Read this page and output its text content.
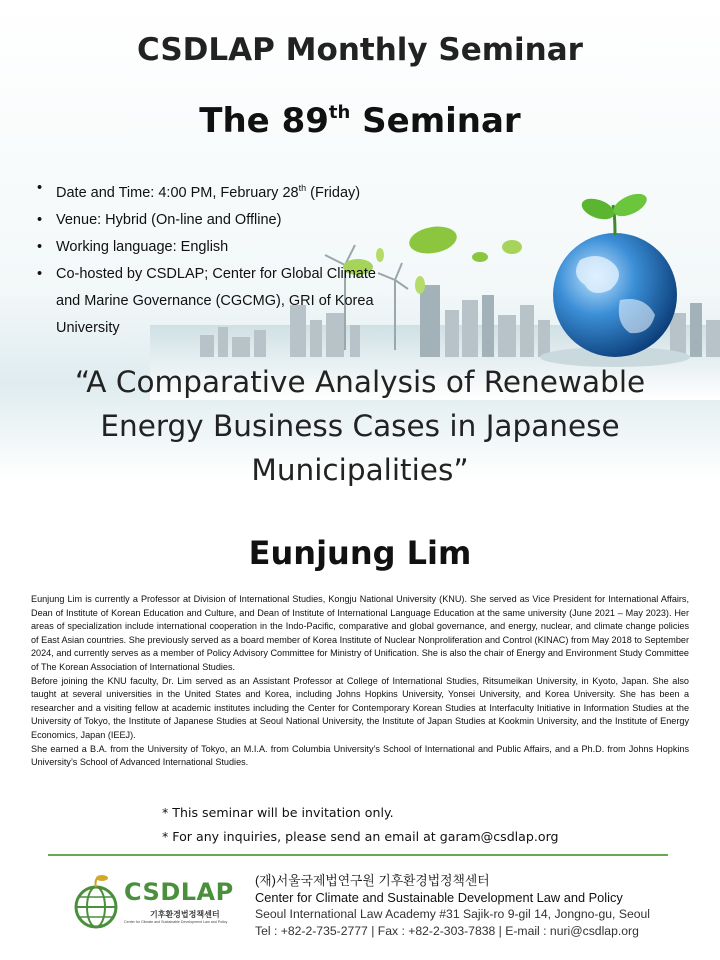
CSDLAP Monthly Seminar
The 89th Seminar
• Date and Time: 4:00 PM, February 28th (Friday)
• Venue: Hybrid (On-line and Offline)
• Working language: English
• Co-hosted by CSDLAP; Center for Global Climate and Marine Governance (CGCMG), GRI of Korea University
“A Comparative Analysis of Renewable
Energy Business Cases in Japanese
Municipalities”
Eunjung Lim

Eunjung Lim is currently a Professor at Division of International Studies, Kongju National University (KNU). She served as Vice President for International Affairs, Dean of Institute of Korean Education and Culture, and Dean of Institute of International Language Education at the same university (June 2021 – May 2023). Her areas of specialization include international cooperation in the Indo-Pacific, comparative and global governance, and energy, nuclear, and climate change policies of East Asian countries. She previously served as a board member of Korea Institute of Nuclear Nonproliferation and Control (KINAC) from May 2018 to September 2024, and currently serves as a member of Policy Advisory Committee for Ministry of Unification. She is also the chair of Energy and Environment Study Committee of The Korean Association of International Studies.

Before joining the KNU faculty, Dr. Lim served as an Assistant Professor at College of International Studies, Ritsumeikan University, in Kyoto, Japan. She also taught at several universities in the United States and Korea, including Johns Hopkins University, Yonsei University, and Korea University. She has been a researcher and a visiting fellow at academic institutes including the Center for Contemporary Korean Studies at Interfaculty Initiative in Information Studies at the University of Tokyo, the Institute of Japanese Studies at Seoul National University, the Institute of Japan Studies at Kookmin University, and the Institute of Energy Economics, Japan (IEEJ).

She earned a B.A. from the University of Tokyo, an M.I.A. from Columbia University’s School of International and Public Affairs, and a Ph.D. from Johns Hopkins University’s School of Advanced International Studies.

* This seminar will be invitation only.
* For any inquiries, please send an email at garam@csdlap.org
CSDLAP
기후환경법정책센터
Center for Climate and Sustainable Development Law and Policy
(재)서울국제법연구원 기후환경법정책센터
Center for Climate and Sustainable Development Law and Policy
Seoul International Law Academy #31 Sajik-ro 9-gil 14, Jongno-gu, Seoul
Tel : +82-2-735-2777 | Fax : +82-2-303-7838 | E-mail : nuri@csdlap.org
